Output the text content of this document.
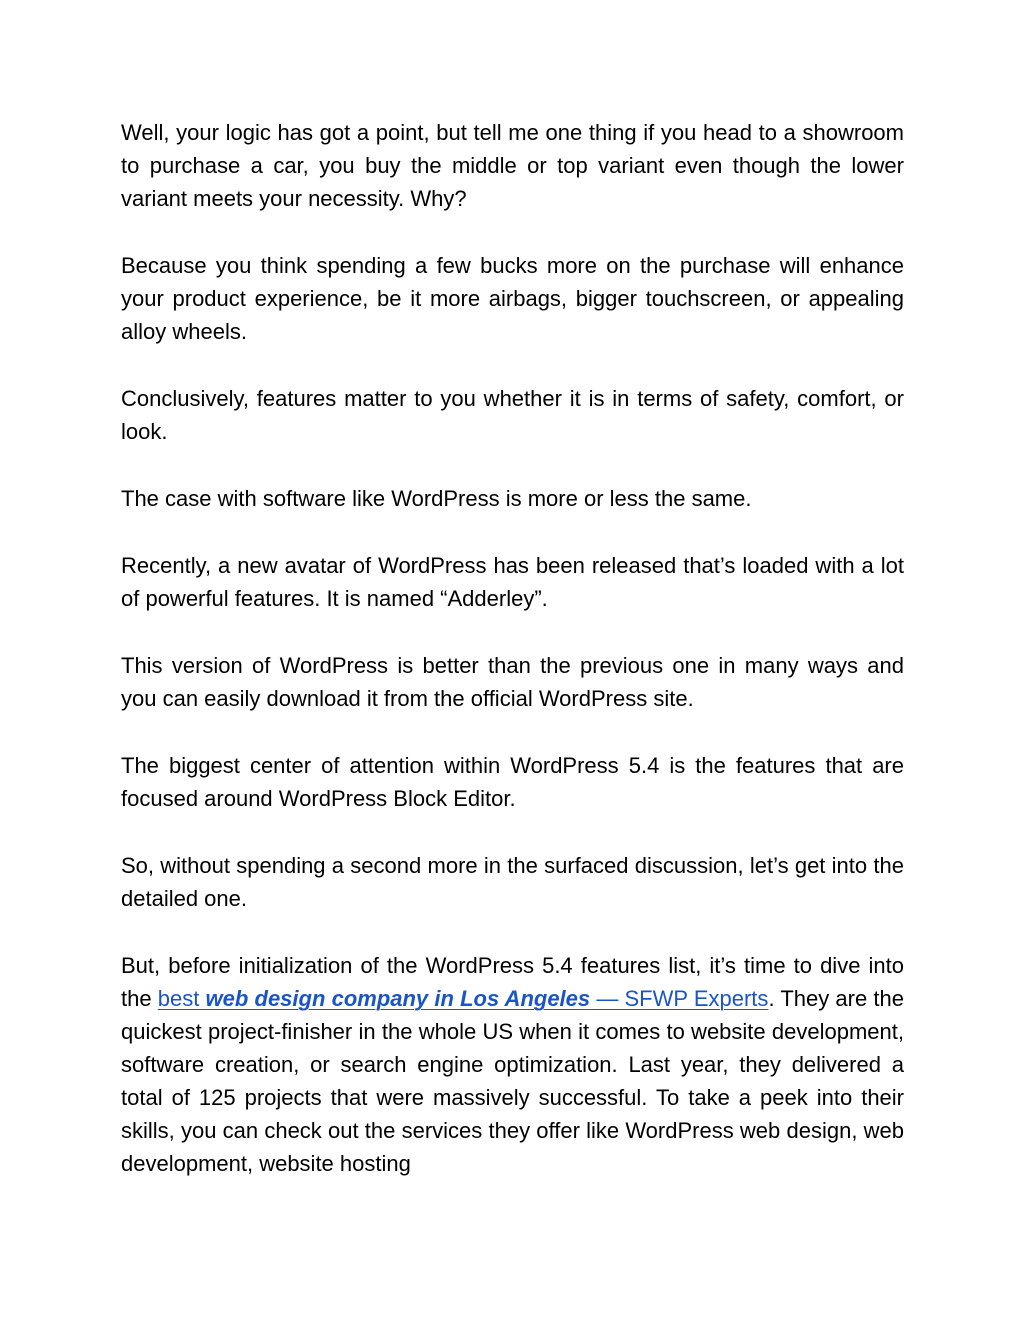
Well, your logic has got a point, but tell me one thing if you head to a showroom to purchase a car, you buy the middle or top variant even though the lower variant meets your necessity. Why?

Because you think spending a few bucks more on the purchase will enhance your product experience, be it more airbags, bigger touchscreen, or appealing alloy wheels.

Conclusively, features matter to you whether it is in terms of safety, comfort, or look.

The case with software like WordPress is more or less the same.

Recently, a new avatar of WordPress has been released that’s loaded with a lot of powerful features. It is named “Adderley”.

This version of WordPress is better than the previous one in many ways and you can easily download it from the official WordPress site.

The biggest center of attention within WordPress 5.4 is the features that are focused around WordPress Block Editor.

So, without spending a second more in the surfaced discussion, let’s get into the detailed one.

But, before initialization of the WordPress 5.4 features list, it’s time to dive into the best web design company in Los Angeles — SFWP Experts. They are the quickest project-finisher in the whole US when it comes to website development, software creation, or search engine optimization. Last year, they delivered a total of 125 projects that were massively successful. To take a peek into their skills, you can check out the services they offer like WordPress web design, web development, website hosting
